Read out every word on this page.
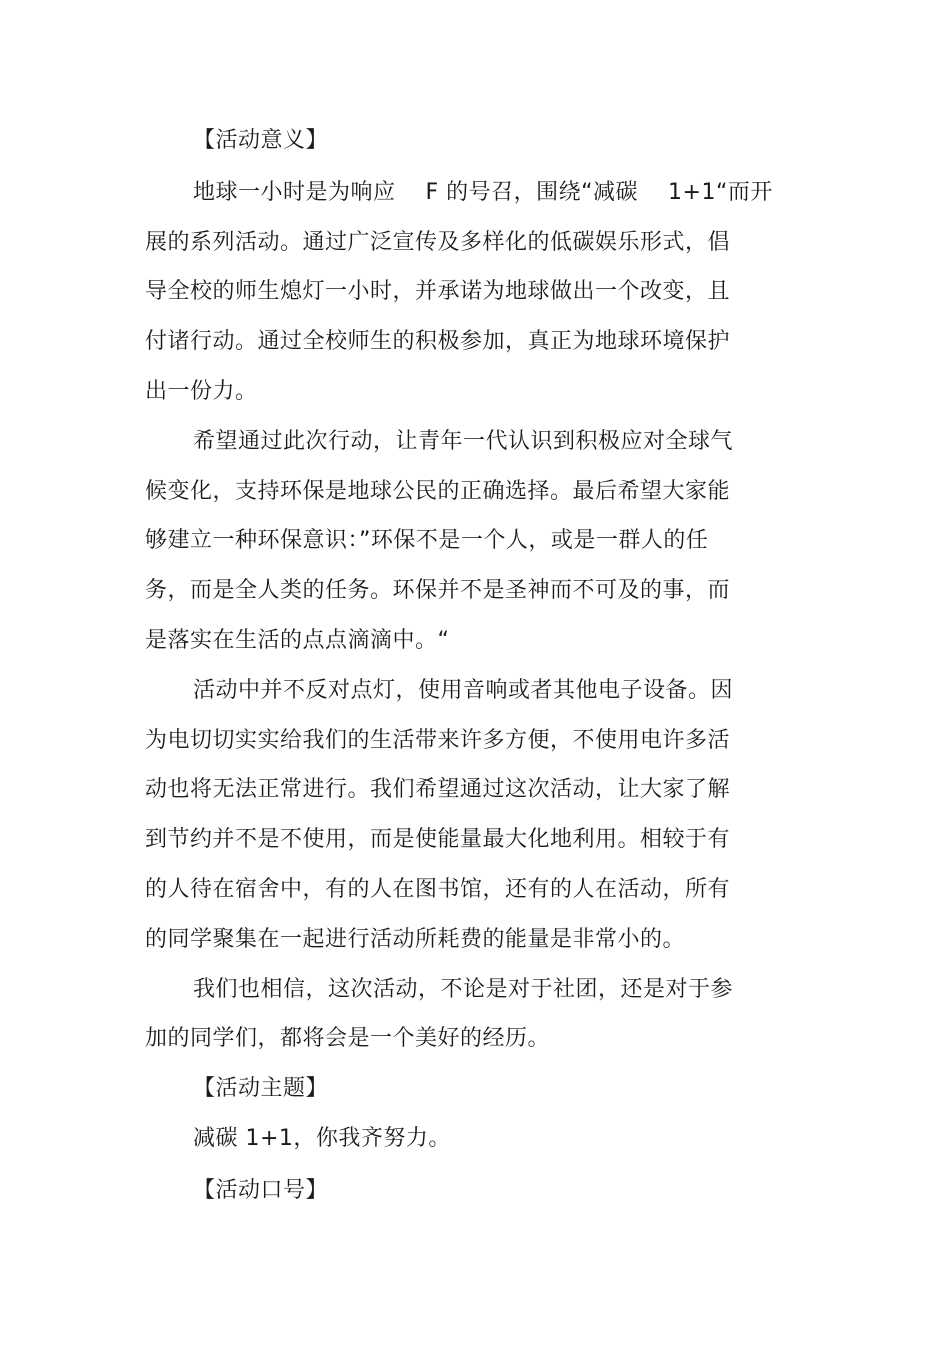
【活动意义】
地球一小时是为响应　 F 的号召，围绕“减碳　 1+1“而开
展的系列活动。通过广泛宣传及多样化的低碳娱乐形式，倡
导全校的师生熄灯一小时，并承诺为地球做出一个改变，且
付诸行动。通过全校师生的积极参加，真正为地球环境保护
出一份力。
希望通过此次行动，让青年一代认识到积极应对全球气
候变化，支持环保是地球公民的正确选择。最后希望大家能
够建立一种环保意识：”环保不是一个人，或是一群人的任
务，而是全人类的任务。环保并不是圣神而不可及的事，而
是落实在生活的点点滴滴中。“
活动中并不反对点灯，使用音响或者其他电子设备。因
为电切切实实给我们的生活带来许多方便，不使用电许多活
动也将无法正常进行。我们希望通过这次活动，让大家了解
到节约并不是不使用，而是使能量最大化地利用。相较于有
的人待在宿舍中，有的人在图书馆，还有的人在活动，所有
的同学聚集在一起进行活动所耗费的能量是非常小的。
我们也相信，这次活动，不论是对于社团，还是对于参
加的同学们，都将会是一个美好的经历。
【活动主题】
减碳 1+1，你我齐努力。
【活动口号】
